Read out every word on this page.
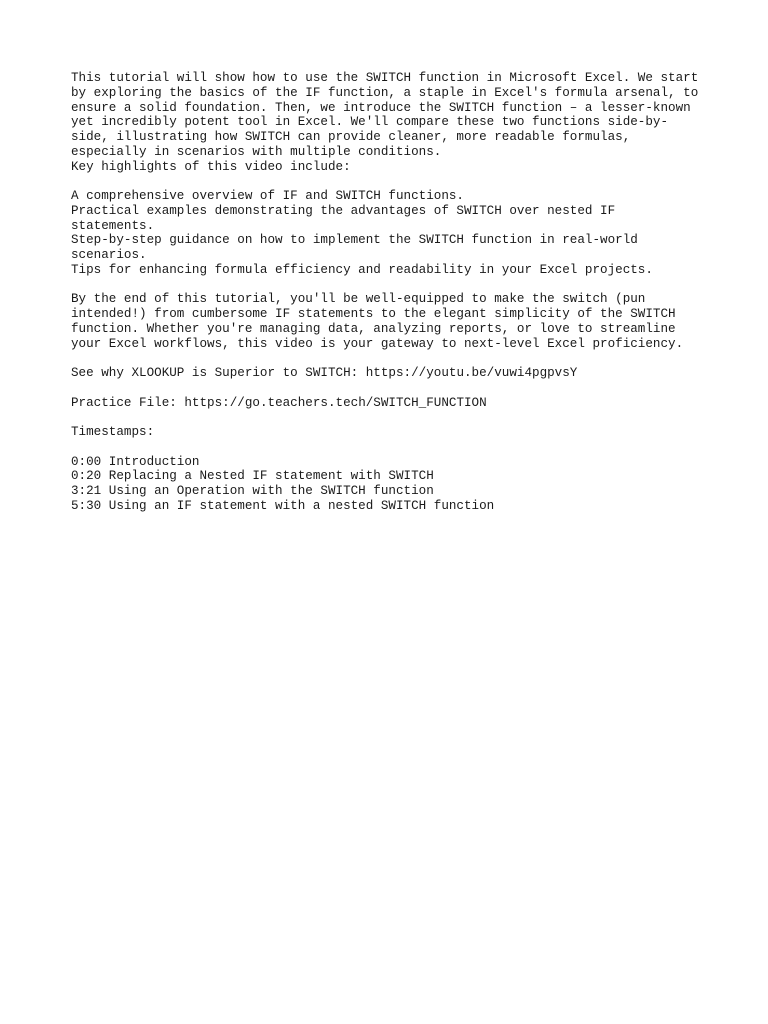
This tutorial will show how to use the SWITCH function in Microsoft Excel. We start
by exploring the basics of the IF function, a staple in Excel's formula arsenal, to
ensure a solid foundation. Then, we introduce the SWITCH function – a lesser-known
yet incredibly potent tool in Excel. We'll compare these two functions side-by-
side, illustrating how SWITCH can provide cleaner, more readable formulas,
especially in scenarios with multiple conditions.
Key highlights of this video include:
A comprehensive overview of IF and SWITCH functions.
Practical examples demonstrating the advantages of SWITCH over nested IF
statements.
Step-by-step guidance on how to implement the SWITCH function in real-world
scenarios.
Tips for enhancing formula efficiency and readability in your Excel projects.
By the end of this tutorial, you'll be well-equipped to make the switch (pun
intended!) from cumbersome IF statements to the elegant simplicity of the SWITCH
function. Whether you're managing data, analyzing reports, or love to streamline
your Excel workflows, this video is your gateway to next-level Excel proficiency.
See why XLOOKUP is Superior to SWITCH: https://youtu.be/vuwi4pgpvsY
Practice File: https://go.teachers.tech/SWITCH_FUNCTION
Timestamps:
0:00 Introduction
0:20 Replacing a Nested IF statement with SWITCH
3:21 Using an Operation with the SWITCH function
5:30 Using an IF statement with a nested SWITCH function
